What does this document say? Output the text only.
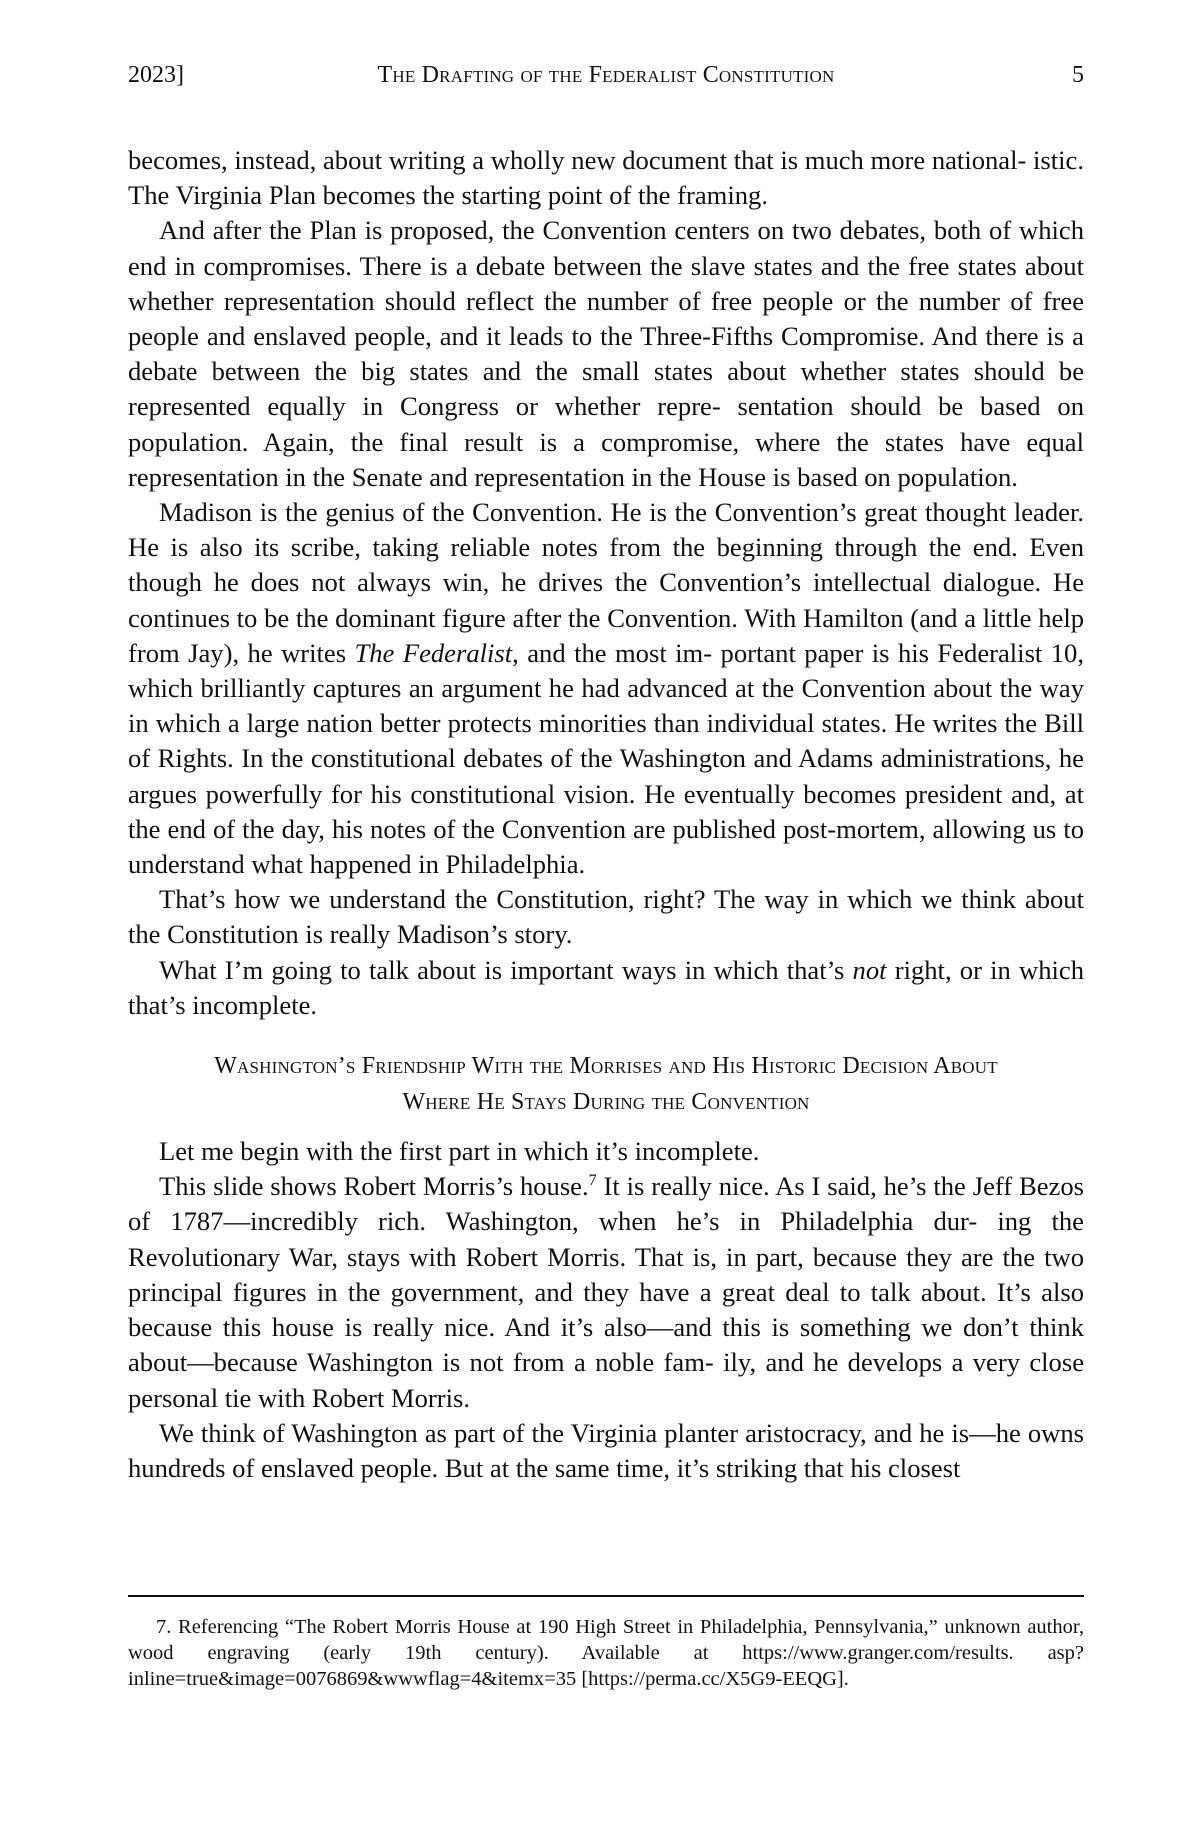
2023]	The Drafting of the Federalist Constitution	5

becomes, instead, about writing a wholly new document that is much more national- istic. The Virginia Plan becomes the starting point of the framing.

And after the Plan is proposed, the Convention centers on two debates, both of which end in compromises. There is a debate between the slave states and the free states about whether representation should reflect the number of free people or the number of free people and enslaved people, and it leads to the Three-Fifths Compromise. And there is a debate between the big states and the small states about whether states should be represented equally in Congress or whether repre- sentation should be based on population. Again, the final result is a compromise, where the states have equal representation in the Senate and representation in the House is based on population.

Madison is the genius of the Convention. He is the Convention’s great thought leader. He is also its scribe, taking reliable notes from the beginning through the end. Even though he does not always win, he drives the Convention’s intellectual dialogue. He continues to be the dominant figure after the Convention. With Hamilton (and a little help from Jay), he writes The Federalist, and the most im- portant paper is his Federalist 10, which brilliantly captures an argument he had advanced at the Convention about the way in which a large nation better protects minorities than individual states. He writes the Bill of Rights. In the constitutional debates of the Washington and Adams administrations, he argues powerfully for his constitutional vision. He eventually becomes president and, at the end of the day, his notes of the Convention are published post-mortem, allowing us to understand what happened in Philadelphia.

That’s how we understand the Constitution, right? The way in which we think about the Constitution is really Madison’s story.

What I’m going to talk about is important ways in which that’s not right, or in which that’s incomplete.

Washington’s Friendship With the Morrises and His Historic Decision About
Where He Stays During the Convention

Let me begin with the first part in which it’s incomplete.

This slide shows Robert Morris’s house.$^7$ It is really nice. As I said, he’s the Jeff Bezos of 1787—incredibly rich. Washington, when he’s in Philadelphia dur- ing the Revolutionary War, stays with Robert Morris. That is, in part, because they are the two principal figures in the government, and they have a great deal to talk about. It’s also because this house is really nice. And it’s also—and this is something we don’t think about—because Washington is not from a noble fam- ily, and he develops a very close personal tie with Robert Morris.

We think of Washington as part of the Virginia planter aristocracy, and he is—he owns hundreds of enslaved people. But at the same time, it’s striking that his closest

7. Referencing “The Robert Morris House at 190 High Street in Philadelphia, Pennsylvania,” unknown author, wood engraving (early 19th century). Available at https://www.granger.com/results. asp?inline=true&image=0076869&wwwflag=4&itemx=35 [https://perma.cc/X5G9-EEQG].
